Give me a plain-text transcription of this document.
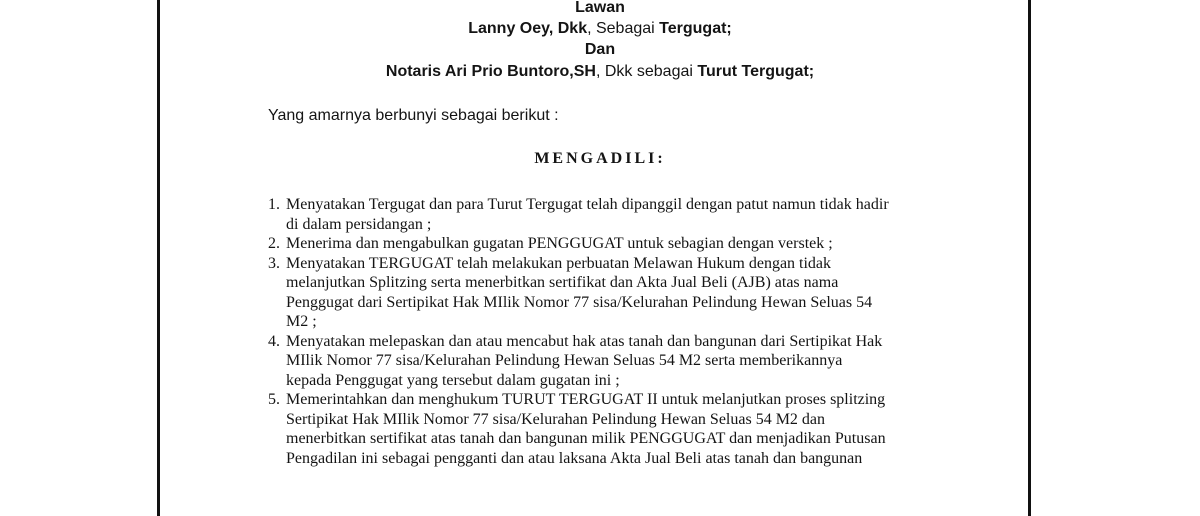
Lawan
Lanny Oey, Dkk, Sebagai Tergugat;
Dan
Notaris Ari Prio Buntoro,SH, Dkk sebagai Turut Tergugat;
Yang amarnya berbunyi sebagai berikut :
MENGADILI:
1. Menyatakan Tergugat dan para Turut Tergugat telah dipanggil dengan patut namun tidak hadir
di dalam persidangan ;
2. Menerima dan mengabulkan gugatan PENGGUGAT untuk sebagian dengan verstek ;
3. Menyatakan TERGUGAT telah melakukan perbuatan Melawan Hukum dengan tidak
melanjutkan Splitzing serta menerbitkan sertifikat dan Akta Jual Beli (AJB) atas nama
Penggugat dari Sertipikat Hak MIlik Nomor 77 sisa/Kelurahan Pelindung Hewan Seluas 54
M2 ;
4. Menyatakan melepaskan dan atau mencabut hak atas tanah dan bangunan dari Sertipikat Hak
MIlik Nomor 77 sisa/Kelurahan Pelindung Hewan Seluas 54 M2 serta memberikannya
kepada Penggugat yang tersebut dalam gugatan ini ;
5. Memerintahkan dan menghukum TURUT TERGUGAT II untuk melanjutkan proses splitzing
Sertipikat Hak MIlik Nomor 77 sisa/Kelurahan Pelindung Hewan Seluas 54 M2 dan
menerbitkan sertifikat atas tanah dan bangunan milik PENGGUGAT dan menjadikan Putusan
Pengadilan ini sebagai pengganti dan atau laksana Akta Jual Beli atas tanah dan bangunan
